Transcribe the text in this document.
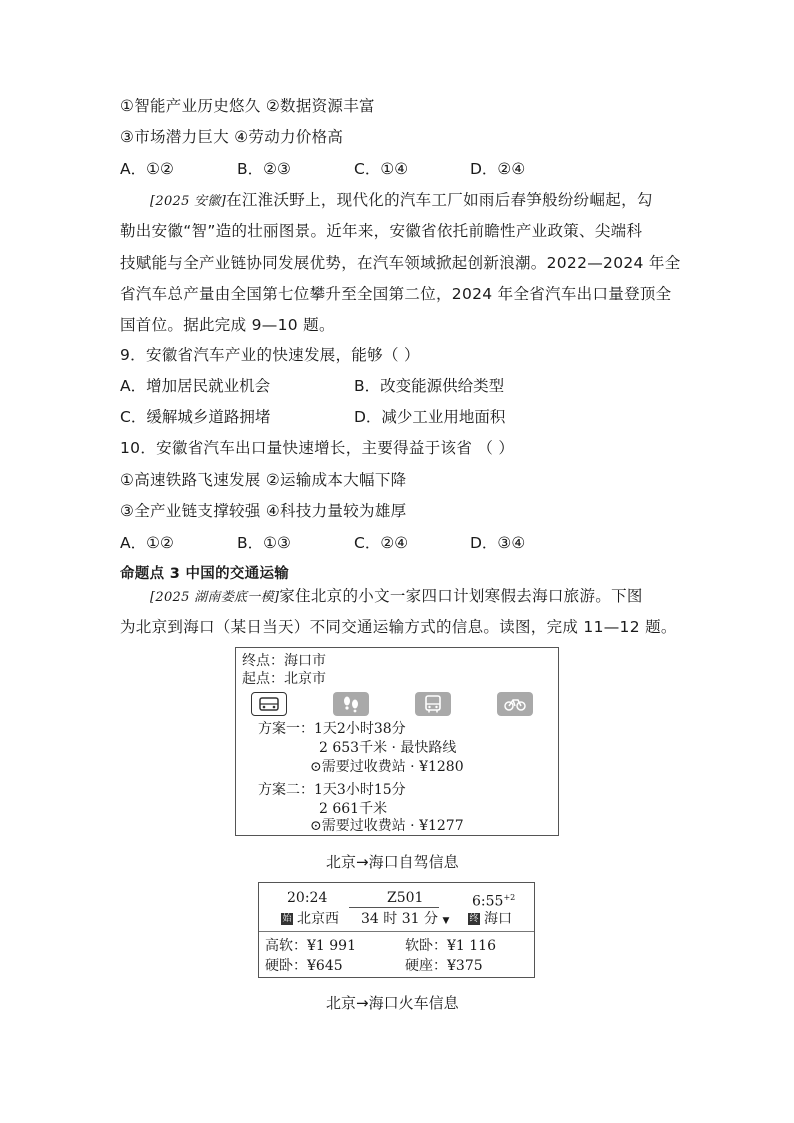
①智能产业历史悠久 ②数据资源丰富
③市场潜力巨大 ④劳动力价格高
A．①②	B．②③	C．①④	D．②④
[2025 安徽]在江淮沃野上，现代化的汽车工厂如雨后春笋般纷纷崛起，勾
勒出安徽“智”造的壮丽图景。近年来，安徽省依托前瞻性产业政策、尖端科
技赋能与全产业链协同发展优势，在汽车领域掀起创新浪潮。2022—2024 年全
省汽车总产量由全国第七位攀升至全国第二位，2024 年全省汽车出口量登顶全
国首位。据此完成 9—10 题。
9．安徽省汽车产业的快速发展，能够（ ）
A．增加居民就业机会	B．改变能源供给类型
C．缓解城乡道路拥堵	D．减少工业用地面积
10．安徽省汽车出口量快速增长，主要得益于该省 （ ）
①高速铁路飞速发展 ②运输成本大幅下降
③全产业链支撑较强 ④科技力量较为雄厚
A．①②	B．①③	C．②④	D．③④
命题点 3 中国的交通运输
[2025 湖南娄底一模]家住北京的小文一家四口计划寒假去海口旅游。下图
为北京到海口（某日当天）不同交通运输方式的信息。读图，完成 11—12 题。
终点：海口市
起点：北京市
方案一：1天2小时38分
2 653千米 · 最快路线
⊙需要过收费站 · ¥1280
方案二：1天3小时15分
2 661千米
⊙需要过收费站 · ¥1277
北京→海口自驾信息
20:24	Z501	$6:55^{+2}$
始 北京西 34 时 31 分 ▼ 终 海口
高软：¥1 991	软卧：¥1 116
硬卧：¥645	硬座：¥375
北京→海口火车信息
